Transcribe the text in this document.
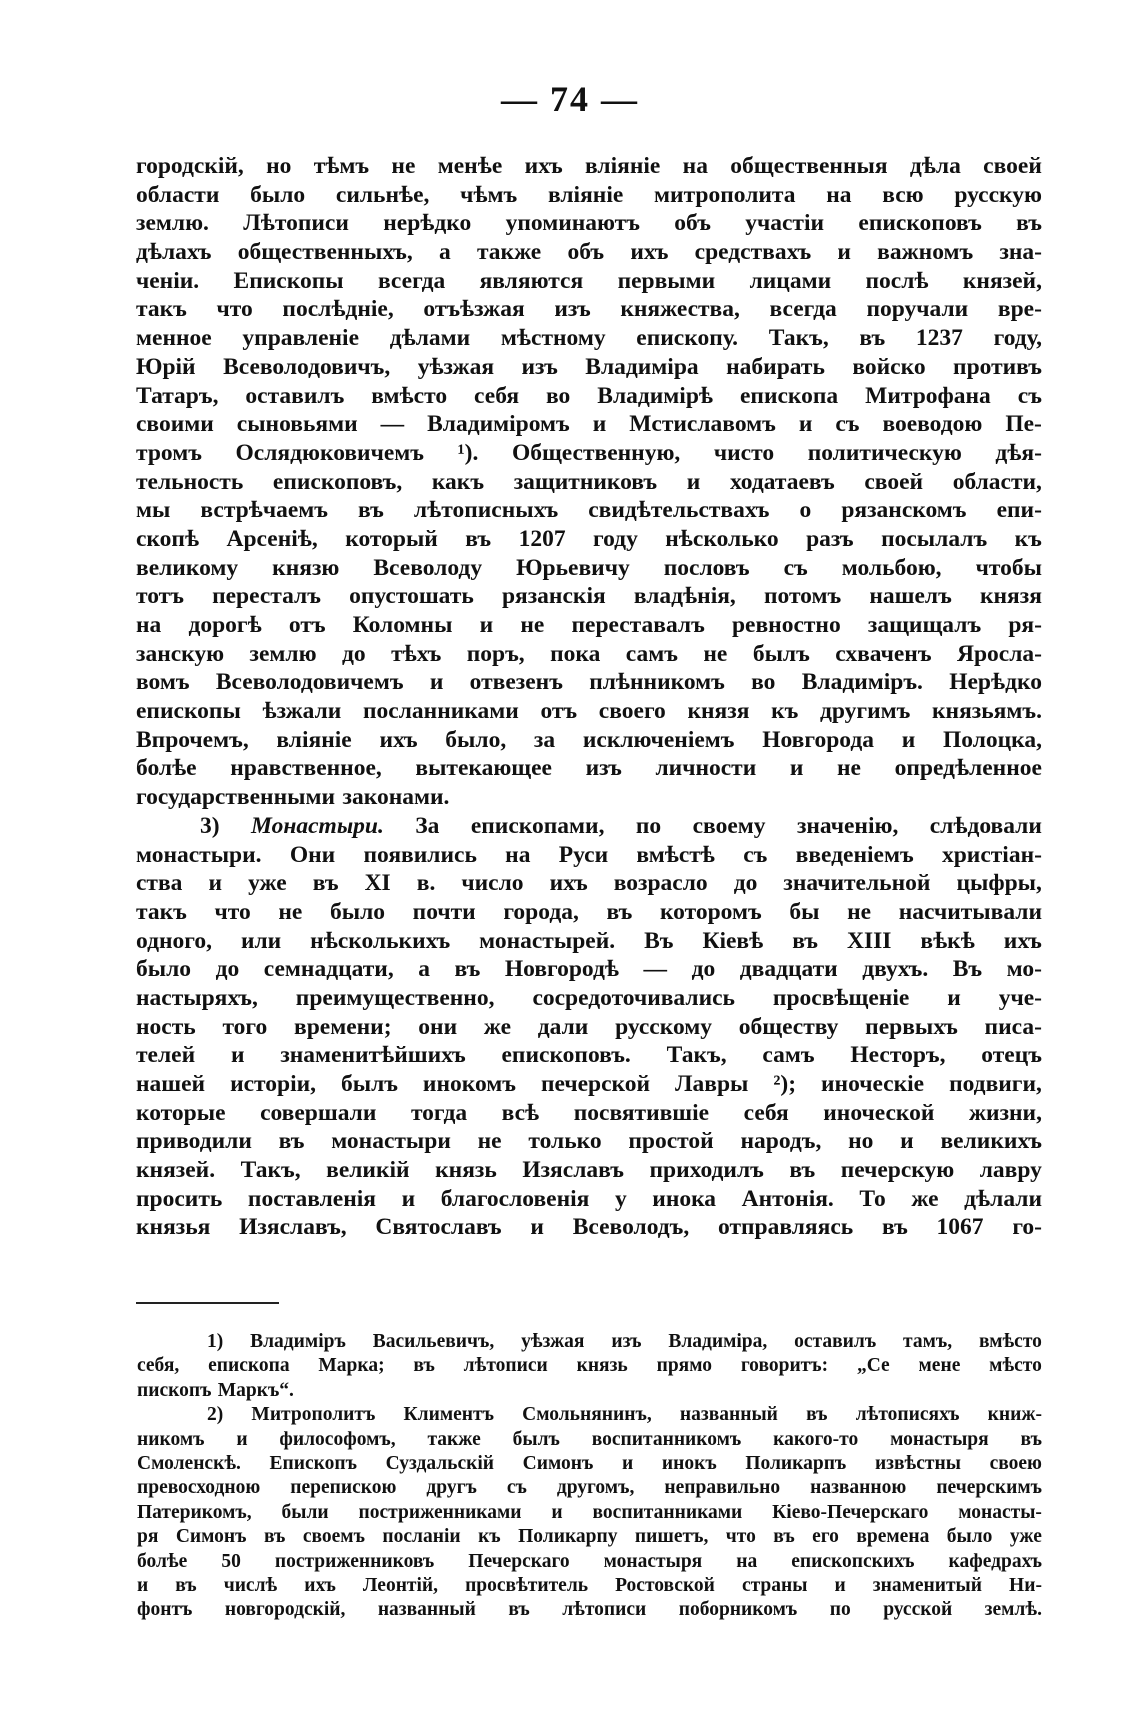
— 74 —
городскій, но тѣмъ не менѣе ихъ вліяніе на общественныя дѣла своей
области было сильнѣе, чѣмъ вліяніе митрополита на всю русскую
землю. Лѣтописи нерѣдко упоминаютъ объ участіи епископовъ въ
дѣлахъ общественныхъ, а также объ ихъ средствахъ и важномъ зна-
ченіи. Епископы всегда являются первыми лицами послѣ князей,
такъ что послѣдніе, отъѣзжая изъ княжества, всегда поручали вре-
менное управленіе дѣлами мѣстному епископу. Такъ, въ 1237 году,
Юрій Всеволодовичъ, уѣзжая изъ Владиміра набирать войско противъ
Татаръ, оставилъ вмѣсто себя во Владимірѣ епископа Митрофана съ
своими сыновьями — Владиміромъ и Мстиславомъ и съ воеводою Пе-
тромъ Ослядюковичемъ ¹). Общественную, чисто политическую дѣя-
тельность епископовъ, какъ защитниковъ и ходатаевъ своей области,
мы встрѣчаемъ въ лѣтописныхъ свидѣтельствахъ о рязанскомъ епи-
скопѣ Арсеніѣ, который въ 1207 году нѣсколько разъ посылалъ къ
великому князю Всеволоду Юрьевичу пословъ съ мольбою, чтобы
тотъ пересталъ опустошать рязанскія владѣнія, потомъ нашелъ князя
на дорогѣ отъ Коломны и не переставалъ ревностно защищалъ ря-
занскую землю до тѣхъ поръ, пока самъ не былъ схваченъ Яросла-
вомъ Всеволодовичемъ и отвезенъ плѣнникомъ во Владиміръ. Нерѣдко
епископы ѣзжали посланниками отъ своего князя къ другимъ князьямъ.
Впрочемъ, вліяніе ихъ было, за исключеніемъ Новгорода и Полоцка,
болѣе нравственное, вытекающее изъ личности и не опредѣленное
государственными законами.
3) Монастыри. За епископами, по своему значенію, слѣдовали
монастыри. Они появились на Руси вмѣстѣ съ введеніемъ христіан-
ства и уже въ XI в. число ихъ возрасло до значительной цыфры,
такъ что не было почти города, въ которомъ бы не насчитывали
одного, или нѣсколькихъ монастырей. Въ Кіевѣ въ XIII вѣкѣ ихъ
было до семнадцати, а въ Новгородѣ — до двадцати двухъ. Въ мо-
настыряхъ, преимущественно, сосредоточивались просвѣщеніе и уче-
ность того времени; они же дали русскому обществу первыхъ писа-
телей и знаменитѣйшихъ епископовъ. Такъ, самъ Несторъ, отецъ
нашей исторіи, былъ инокомъ печерской Лавры ²); иноческіе подвиги,
которые совершали тогда всѣ посвятившіе себя иноческой жизни,
приводили въ монастыри не только простой народъ, но и великихъ
князей. Такъ, великій князь Изяславъ приходилъ въ печерскую лавру
просить поставленія и благословенія у инока Антонія. То же дѣлали
князья Изяславъ, Святославъ и Всеволодъ, отправляясь въ 1067 го-
1) Владиміръ Васильевичъ, уѣзжая изъ Владиміра, оставилъ тамъ, вмѣсто
себя, епископа Марка; въ лѣтописи князь прямо говоритъ: „Се мене мѣсто
пископъ Маркъ“.
2) Митрополитъ Климентъ Смольнянинъ, названный въ лѣтописяхъ книж-
никомъ и философомъ, также былъ воспитанникомъ какого-то монастыря въ
Смоленскѣ. Епископъ Суздальскій Симонъ и инокъ Поликарпъ извѣстны своею
превосходною перепискою другъ съ другомъ, неправильно названною печерскимъ
Патерикомъ, были постриженниками и воспитанниками Кіево-Печерскаго монасты-
ря Симонъ въ своемъ посланіи къ Поликарпу пишетъ, что въ его времена было уже
болѣе 50 постриженниковъ Печерскаго монастыря на епископскихъ кафедрахъ
и въ числѣ ихъ Леонтій, просвѣтитель Ростовской страны и знаменитый Ни-
фонтъ новгородскій, названный въ лѣтописи поборникомъ по русской землѣ.
